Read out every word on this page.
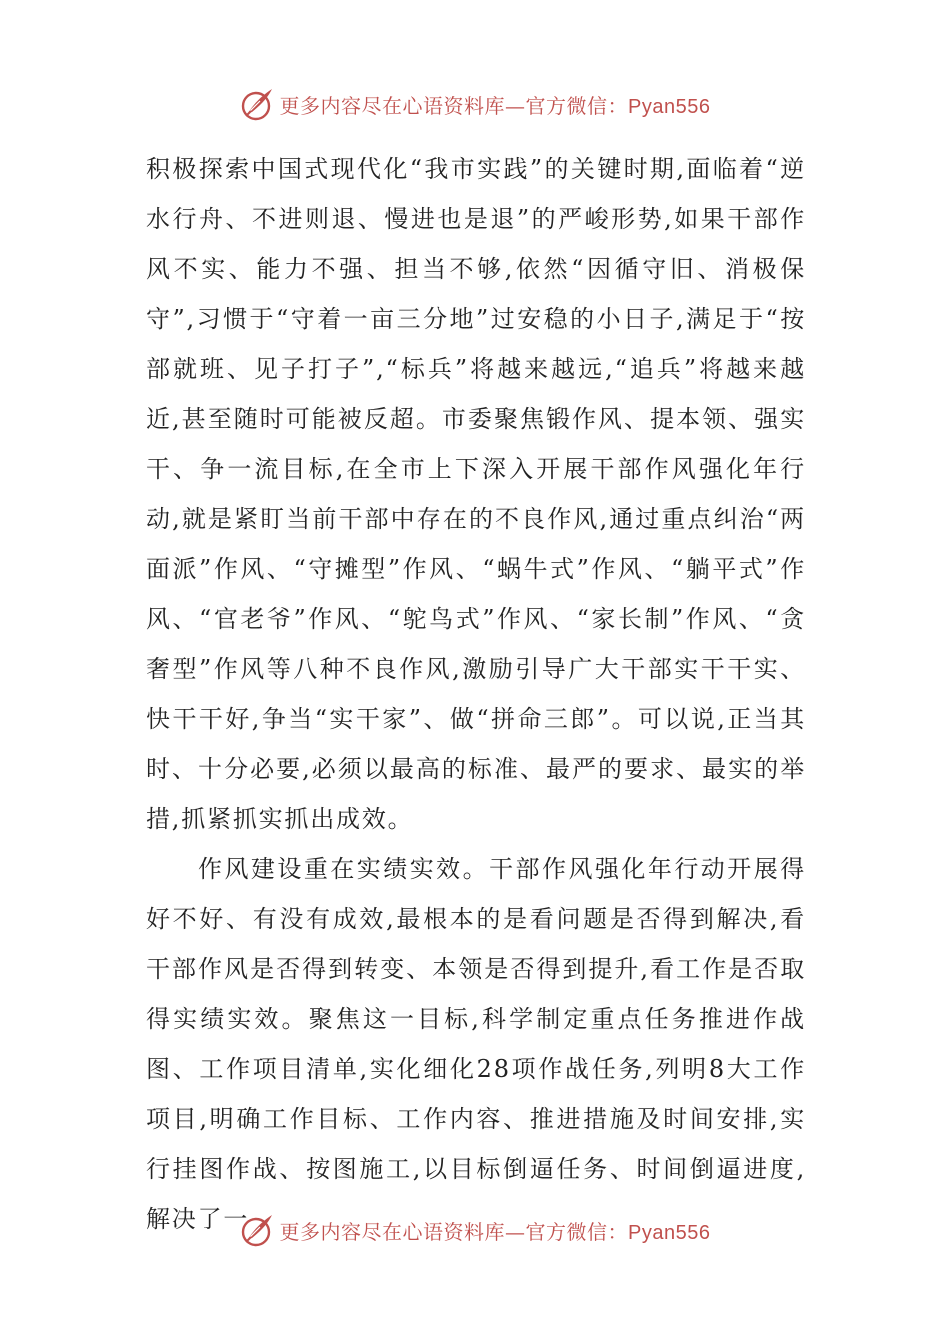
更多内容尽在心语资料库—官方微信：Pyan556

积极探索中国式现代化“我市实践”的关键时期,面临着“逆水行舟、不进则退、慢进也是退”的严峻形势,如果干部作风不实、能力不强、担当不够,依然“因循守旧、消极保守”,习惯于“守着一亩三分地”过安稳的小日子,满足于“按部就班、见子打子”,“标兵”将越来越远,“追兵”将越来越近,甚至随时可能被反超。市委聚焦锻作风、提本领、强实干、争一流目标,在全市上下深入开展干部作风强化年行动,就是紧盯当前干部中存在的不良作风,通过重点纠治“两面派”作风、“守摊型”作风、“蜗牛式”作风、“躺平式”作风、“官老爷”作风、“鸵鸟式”作风、“家长制”作风、“贪奢型”作风等八种不良作风,激励引导广大干部实干干实、快干干好,争当“实干家”、做“拼命三郎”。可以说,正当其时、十分必要,必须以最高的标准、最严的要求、最实的举措,抓紧抓实抓出成效。

作风建设重在实绩实效。干部作风强化年行动开展得好不好、有没有成效,最根本的是看问题是否得到解决,看干部作风是否得到转变、本领是否得到提升,看工作是否取得实绩实效。聚焦这一目标,科学制定重点任务推进作战图、工作项目清单,实化细化28项作战任务,列明8大工作项目,明确工作目标、工作内容、推进措施及时间安排,实行挂图作战、按图施工,以目标倒逼任务、时间倒逼进度,解决了一	更多内容尽在心语资料库—官方微信：Pyan556
